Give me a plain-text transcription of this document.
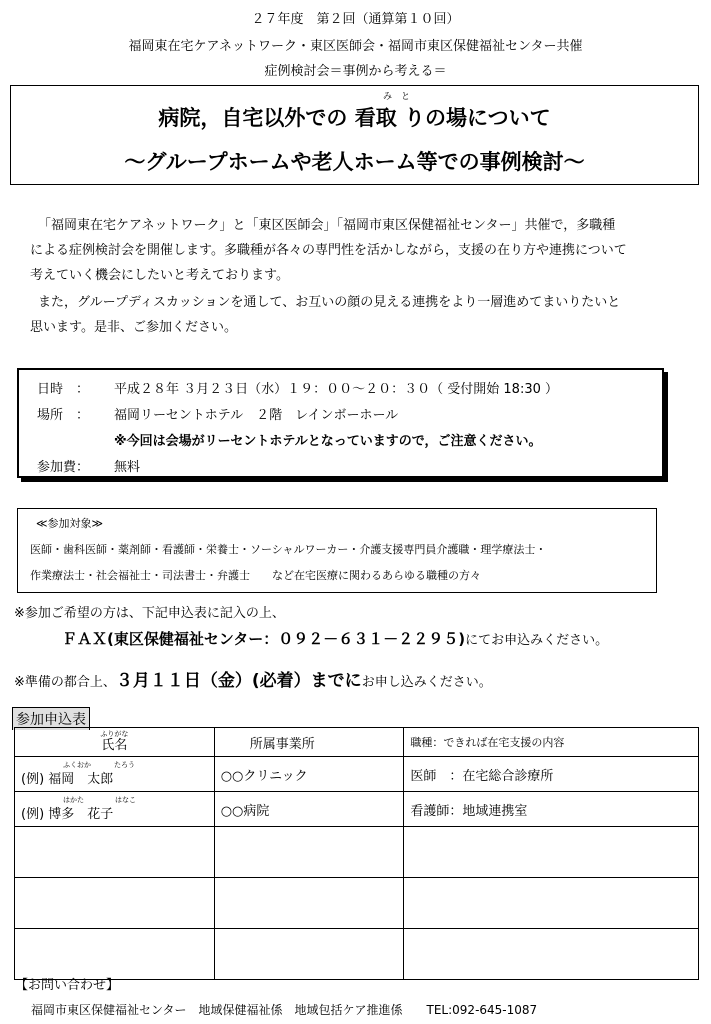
２７年度　第２回（通算第１０回）
福岡東在宅ケアネットワーク・東区医師会・福岡市東区保健福祉センター共催
症例検討会＝事例から考える＝
み　と
病院，自宅以外での 看取 りの場について
～グループホームや老人ホーム等での事例検討～
「福岡東在宅ケアネットワーク」と「東区医師会」「福岡市東区保健福祉センター」共催で，多職種
による症例検討会を開催します。多職種が各々の専門性を活かしながら，支援の在り方や連携について
考えていく機会にしたいと考えております。
また，グループディスカッションを通して、お互いの顔の見える連携をより一層進めてまいりたいと
思います。是非、ご参加ください。
日時　： 平成２８年 ３月２３日（水）１９：００～２０：３０（ 受付開始 18:30 ）
場所　： 福岡リーセントホテル　２階　レインボーホール
※今回は会場がリーセントホテルとなっていますので，ご注意ください。
参加費： 無料
≪参加対象≫
医師・歯科医師・薬剤師・看護師・栄養士・ソーシャルワーカー・介護支援専門員介護職・理学療法士・
作業療法士・社会福祉士・司法書士・弁護士　　など在宅医療に関わるあらゆる職種の方々
※参加ご希望の方は、下記申込表に記入の上、
ＦＡＸ(東区保健福祉センター：０９２－６３１－２２９５)にてお申込みください。
※準備の都合上、３月１１日（金）(必着）までにお申し込みください。
参加申込表
ふりがな
氏名	所属事業所	職種：できれば在宅支援の内容

$^{ふくおか}$ $^{たろう}$
(例) 福岡　太郎	○○クリニック	医師　：在宅総合診療所

$^{はかた}$ $^{はなこ}$
(例) 博多　花子	○○病院	看護師：地域連携室

【お問い合わせ】
福岡市東区保健福祉センター　地域保健福祉係　地域包括ケア推進係　　TEL:092-645-1087
